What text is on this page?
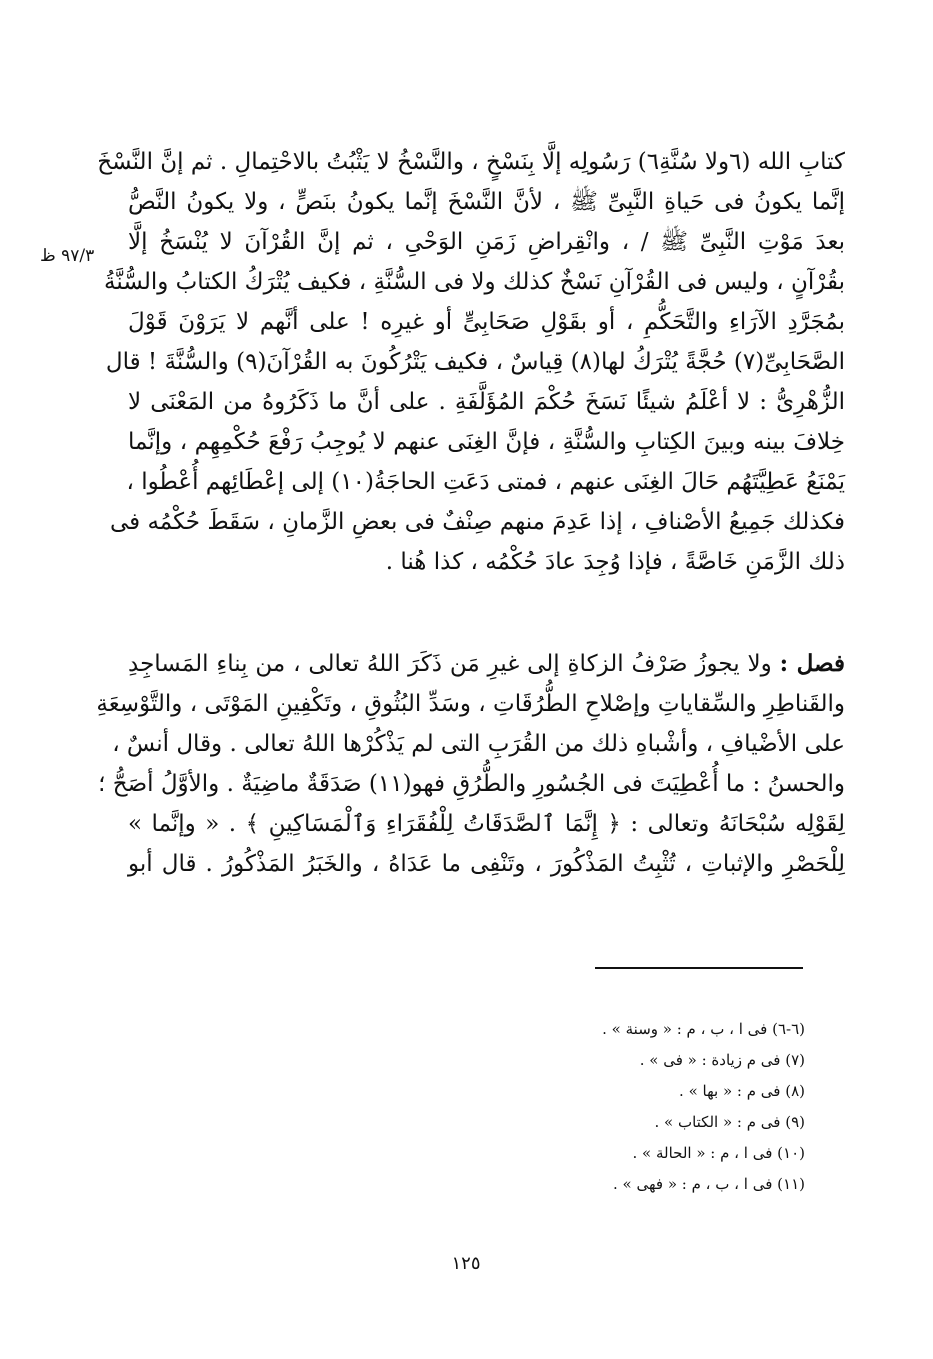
٩٧/٣ ظ
كتابِ الله (٦ولا سُنَّةِ٦) رَسُولِه إلَّا بِنَسْخٍ ، والنَّسْخُ لا يَثْبُتُ بالاحْتِمالِ . ثم إنَّ النَّسْخَ
إنَّما يكونُ فى حَياةِ النَّبِىِّ ﷺ ، لأنَّ النَّسْخَ إنَّما يكونُ بنَصٍّ ، ولا يكونُ النَّصُّ
بعدَ مَوْتِ النَّبِىِّ ﷺ / ، وانْقِراضِ زَمَنِ الوَحْىِ ، ثم إنَّ القُرْآنَ لا يُنْسَخُ إلَّا
بقُرْآنٍ ، وليس فى القُرْآنِ نَسْخٌ كذلك ولا فى السُّنَّةِ ، فكيف يُتْرَكُ الكتابُ والسُّنَّةُ
بمُجَرَّدِ الآرَاءِ والتَّحَكُّمِ ، أو بقَوْلِ صَحَابِىٍّ أو غيرِه ! على أنَّهم لا يَرَوْنَ قَوْلَ
الصَّحَابِىِّ(٧) حُجَّةً يُتْرَكُ لها(٨) قِياسٌ ، فكيف يَتْرُكُونَ به القُرْآنَ(٩) والسُّنَّةَ ! قال
الزُّهْرِىُّ : لا أعْلَمُ شيئًا نَسَخَ حُكْمَ المُؤَلَّفَةِ . على أنَّ ما ذَكَرُوهُ من المَعْنَى لا
خِلافَ بينه وبينَ الكِتابِ والسُّنَّةِ ، فإنَّ الغِنَى عنهم لا يُوجِبُ رَفْعَ حُكْمِهِم ، وإنَّما
يَمْنَعُ عَطِيَّتَهُم حَالَ الغِنَى عنهم ، فمتى دَعَتِ الحاجَةُ(١٠) إلى إعْطَائِهم أُعْطُوا ،
فكذلك جَمِيعُ الأصْنافِ ، إذا عَدِمَ منهم صِنْفٌ فى بعضِ الزَّمانِ ، سَقَطَ حُكْمُه فى
ذلك الزَّمَنِ خَاصَّةً ، فإذا وُجِدَ عادَ حُكْمُه ، كذا هُنا .
فصل : ولا يجوزُ صَرْفُ الزكاةِ إلى غيرِ مَن ذَكَرَ اللهُ تعالى ، من بِناءِ المَساجِدِ
والقَناطِرِ والسِّقاياتِ وإصْلاحِ الطُّرُقَاتِ ، وسَدِّ البُثُوقِ ، وتَكْفِينِ المَوْتَى ، والتَّوْسِعَةِ
على الأضْيافِ ، وأشْباهِ ذلك من القُرَبِ التى لم يَذْكُرْها اللهُ تعالى . وقال أنسٌ ،
والحسنُ : ما أُعْطِيَتَ فى الجُسُورِ والطُّرُقِ فهو(١١) صَدَقَةٌ ماضِيَةٌ . والأوَّلُ أصَحُّ ؛
لِقَوْلِه سُبْحَانَهُ وتعالى : ﴿ إِنَّمَا ٱلصَّدَقَاتُ لِلْفُقَرَاءِ وَٱلْمَسَاكِينِ ﴾ . « وإنَّما »
لِلْحَصْرِ والإثباتِ ، تُثْبِتُ المَذْكُورَ ، وتَنْفِى ما عَدَاهُ ، والخَبَرُ المَذْكُورُ . قال أبو
(٦-٦) فى ا ، ب ، م : « وسنة » .
(٧) فى م زيادة : « فى » .
(٨) فى م : « بها » .
(٩) فى م : « الكتاب » .
(١٠) فى ا ، م : « الحالة » .
(١١) فى ا ، ب ، م : « فهى » .
١٢٥
